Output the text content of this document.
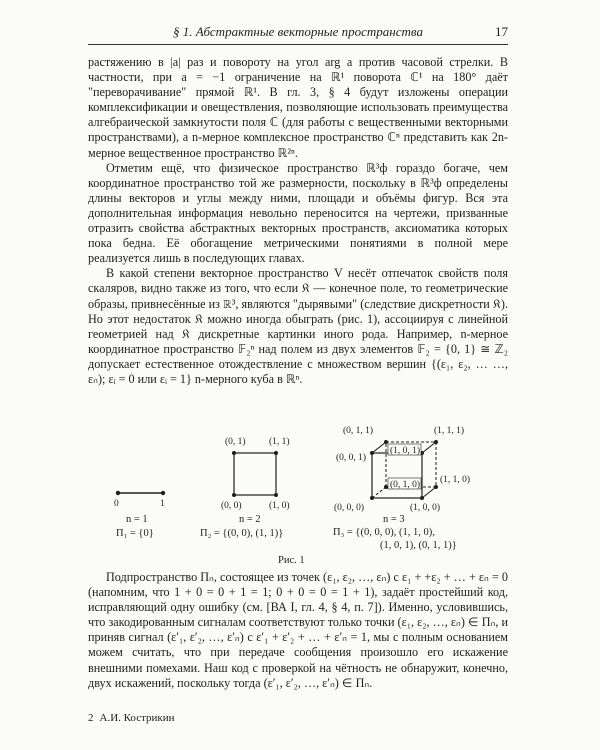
§ 1. Абстрактные векторные пространства	17

растяжению в |a| раз и повороту на угол arg a против часовой стрелки. В частности, при a = −1 ограничение на ℝ¹ поворота ℂ¹ на 180° даёт "переворачивание" прямой ℝ¹. В гл. 3, § 4 будут изложены операции комплексификации и овеществления, позволяющие использовать преимущества алгебраической замкнутости поля ℂ (для работы с вещественными векторными пространствами), а n-мерное комплексное пространство ℂⁿ представить как 2n-мерное вещественное пространство ℝ²ⁿ.

Отметим ещё, что физическое пространство ℝ³ф гораздо богаче, чем координатное пространство той же размерности, поскольку в ℝ³ф определены длины векторов и углы между ними, площади и объёмы фигур. Вся эта дополнительная информация невольно переносится на чертежи, призванные отразить свойства абстрактных векторных пространств, аксиоматика которых пока бедна. Её обогащение метрическими понятиями в полной мере реализуется лишь в последующих главах.

В какой степени векторное пространство V несёт отпечаток свойств поля скаляров, видно также из того, что если 𝔎 — конечное поле, то геометрические образы, привнесённые из ℝ³, являются "дырявыми" (следствие дискретности 𝔎). Но этот недостаток 𝔎 можно иногда обыграть (рис. 1), ассоциируя с линейной геометрией над 𝔎 дискретные картинки иного рода. Например, n-мерное координатное пространство 𝔽₂ⁿ над полем из двух элементов 𝔽₂ = {0, 1} ≅ ℤ₂ допускает естественное отождествление с множеством вершин {(ε₁, ε₂, … …, εₙ); εᵢ = 0 или εᵢ = 1} n-мерного куба в ℝⁿ.

0	1
n = 1
Π₁ = {0}
(0, 1) (1, 1)
(0, 0)	(1, 0)
n = 2
Π₂ = {(0, 0), (1, 1)}
(0, 1, 1)	(1, 1, 1)
(0, 0, 1)
(1, 0, 1)
(0, 1, 0) (1, 1, 0)
(0, 0, 0)	(1, 0, 0)
n = 3
Π₃ = {(0, 0, 0), (1, 1, 0),
(1, 0, 1), (0, 1, 1)}
Рис. 1

Подпространство Πₙ, состоящее из точек (ε₁, ε₂, …, εₙ) с ε₁ + +ε₂ + … + εₙ = 0 (напомним, что 1 + 0 = 0 + 1 = 1; 0 + 0 = 0 = 1 + 1), задаёт простейший код, исправляющий одну ошибку (см. [ВА I, гл. 4, § 4, п. 7]). Именно, условившись, что закодированным сигналам соответствуют только точки (ε₁, ε₂, …, εₙ) ∈ Πₙ, и приняв сигнал (ε′₁, ε′₂, …, ε′ₙ) с ε′₁ + ε′₂ + … + ε′ₙ = 1, мы с полным основанием можем считать, что при передаче сообщения произошло его искажение внешними помехами. Наш код с проверкой на чётность не обнаружит, конечно, двух искажений, поскольку тогда (ε′₁, ε′₂, …, ε′ₙ) ∈ Πₙ.

2 А.И. Кострикин
